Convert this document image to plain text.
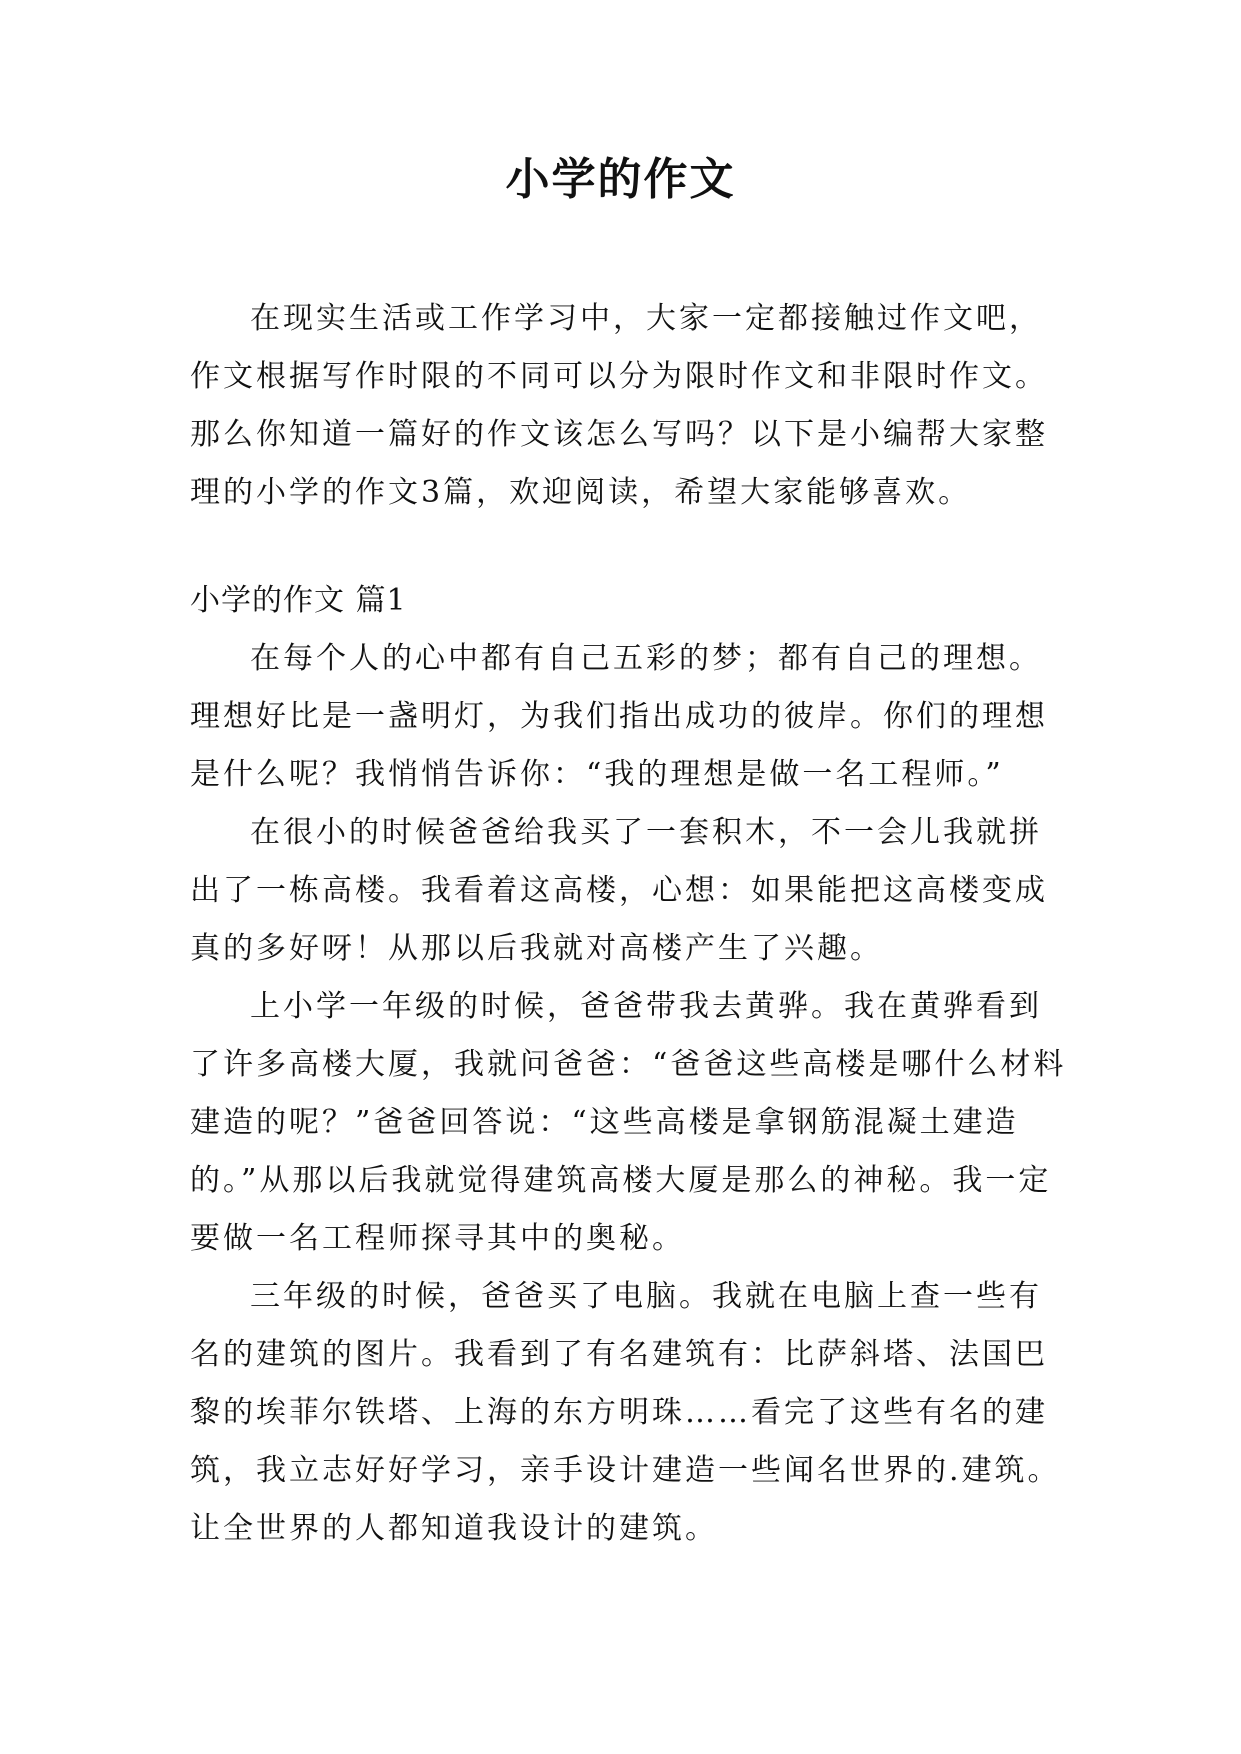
小学的作文

在现实生活或工作学习中，大家一定都接触过作文吧，作文根据写作时限的不同可以分为限时作文和非限时作文。那么你知道一篇好的作文该怎么写吗？以下是小编帮大家整理的小学的作文3篇，欢迎阅读，希望大家能够喜欢。

小学的作文 篇1

在每个人的心中都有自己五彩的梦；都有自己的理想。理想好比是一盏明灯，为我们指出成功的彼岸。你们的理想是什么呢？我悄悄告诉你：“我的理想是做一名工程师。”

在很小的时候爸爸给我买了一套积木，不一会儿我就拼出了一栋高楼。我看着这高楼，心想：如果能把这高楼变成真的多好呀！从那以后我就对高楼产生了兴趣。

上小学一年级的时候，爸爸带我去黄骅。我在黄骅看到了许多高楼大厦，我就问爸爸：“爸爸这些高楼是哪什么材料建造的呢？”爸爸回答说：“这些高楼是拿钢筋混凝土建造的。”从那以后我就觉得建筑高楼大厦是那么的神秘。我一定要做一名工程师探寻其中的奥秘。

三年级的时候，爸爸买了电脑。我就在电脑上查一些有名的建筑的图片。我看到了有名建筑有：比萨斜塔、法国巴黎的埃菲尔铁塔、上海的东方明珠……看完了这些有名的建筑，我立志好好学习，亲手设计建造一些闻名世界的.建筑。让全世界的人都知道我设计的建筑。
